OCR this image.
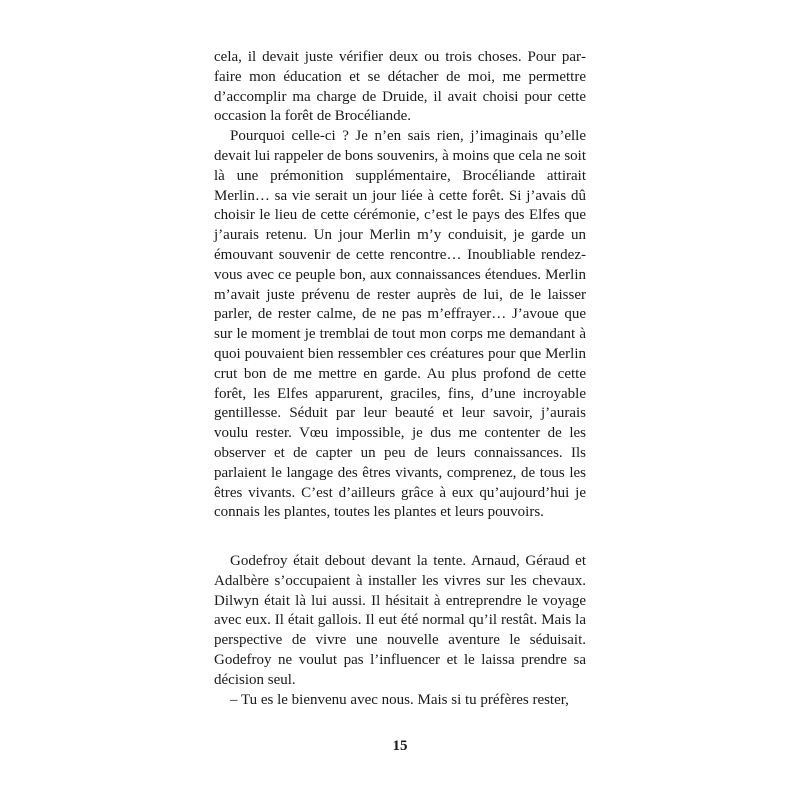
cela, il devait juste vérifier deux ou trois choses. Pour parfaire mon éducation et se détacher de moi, me permettre d’accomplir ma charge de Druide, il avait choisi pour cette occasion la forêt de Brocéliande.

Pourquoi celle-ci ? Je n’en sais rien, j’imaginais qu’elle devait lui rappeler de bons souvenirs, à moins que cela ne soit là une prémonition supplémentaire, Brocéliande attirait Merlin… sa vie serait un jour liée à cette forêt. Si j’avais dû choisir le lieu de cette cérémonie, c’est le pays des Elfes que j’aurais retenu. Un jour Merlin m’y conduisit, je garde un émouvant souvenir de cette rencontre… Inoubliable rendez-vous avec ce peuple bon, aux connaissances étendues. Merlin m’avait juste prévenu de rester auprès de lui, de le laisser parler, de rester calme, de ne pas m’effrayer… J’avoue que sur le moment je tremblai de tout mon corps me demandant à quoi pouvaient bien ressembler ces créatures pour que Merlin crut bon de me mettre en garde. Au plus profond de cette forêt, les Elfes apparurent, graciles, fins, d’une incroyable gentillesse. Séduit par leur beauté et leur savoir, j’aurais voulu rester. Vœu impossible, je dus me contenter de les observer et de capter un peu de leurs connaissances. Ils parlaient le langage des êtres vivants, comprenez, de tous les êtres vivants. C’est d’ailleurs grâce à eux qu’aujourd’hui je connais les plantes, toutes les plantes et leurs pouvoirs.

Godefroy était debout devant la tente. Arnaud, Géraud et Adalbère s’occupaient à installer les vivres sur les chevaux. Dilwyn était là lui aussi. Il hésitait à entreprendre le voyage avec eux. Il était gallois. Il eut été normal qu’il restât. Mais la perspective de vivre une nouvelle aventure le séduisait. Godefroy ne voulut pas l’influencer et le laissa prendre sa décision seul.

– Tu es le bienvenu avec nous. Mais si tu préfères rester,

15
